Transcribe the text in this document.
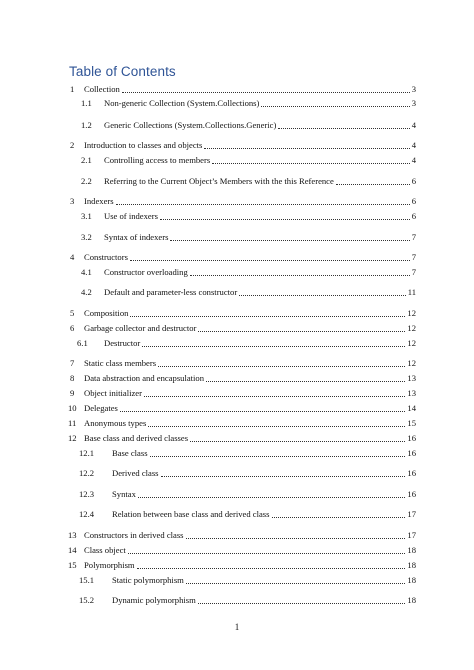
Table of Contents
1 Collection	3
1.1 Non-generic Collection (System.Collections)	3
1.2 Generic Collections (System.Collections.Generic)	4
2 Introduction to classes and objects	4
2.1 Controlling access to members	4
2.2 Referring to the Current Object’s Members with the this Reference	6
3 Indexers	6
3.1 Use of indexers	6
3.2 Syntax of indexers	7
4 Constructors	7
4.1 Constructor overloading	7
4.2 Default and parameter-less constructor	11
5 Composition	12
6 Garbage collector and destructor	12
6.1 Destructor	12
7 Static class members	12
8 Data abstraction and encapsulation	13
9 Object initializer	13
10 Delegates	14
11 Anonymous types	15
12 Base class and derived classes	16
12.1 Base class	16
12.2 Derived class	16
12.3 Syntax	16
12.4 Relation between base class and derived class	17
13 Constructors in derived class	17
14 Class object	18
15 Polymorphism	18
15.1 Static polymorphism	18
15.2 Dynamic polymorphism	18
1
